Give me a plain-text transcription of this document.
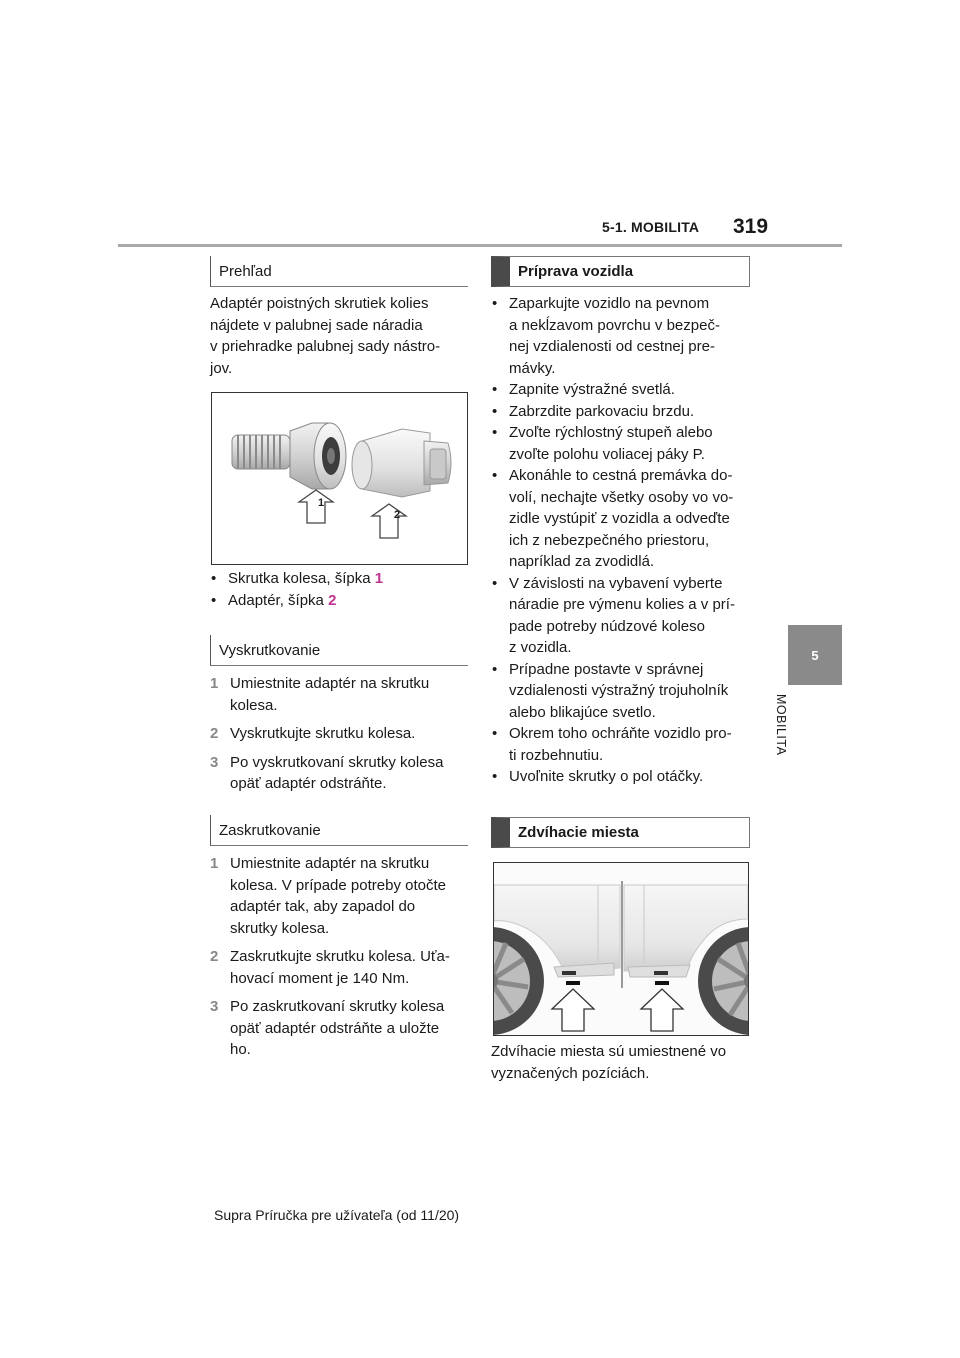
5-1. MOBILITA 319
5
MOBILITA
Prehľad
Adaptér poistných skrutiek kolies
nájdete v palubnej sade náradia
v priehradke palubnej sady nástro-
jov.
1
2
• Skrutka kolesa, šípka 1
• Adaptér, šípka 2
Vyskrutkovanie
1 Umiestnite adaptér na skrutku
kolesa.
2 Vyskrutkujte skrutku kolesa.
3 Po vyskrutkovaní skrutky kolesa
opäť adaptér odstráňte.
Zaskrutkovanie
1 Umiestnite adaptér na skrutku
kolesa. V prípade potreby otočte
adaptér tak, aby zapadol do
skrutky kolesa.
2 Zaskrutkujte skrutku kolesa. Uťa-
hovací moment je 140 Nm.
3 Po zaskrutkovaní skrutky kolesa
opäť adaptér odstráňte a uložte
ho.
Príprava vozidla
• Zaparkujte vozidlo na pevnom
a nekĺzavom povrchu v bezpeč-
nej vzdialenosti od cestnej pre-
mávky.
• Zapnite výstražné svetlá.
• Zabrzdite parkovaciu brzdu.
• Zvoľte rýchlostný stupeň alebo
zvoľte polohu voliacej páky P.
• Akonáhle to cestná premávka do-
volí, nechajte všetky osoby vo vo-
zidle vystúpiť z vozidla a odveďte
ich z nebezpečného priestoru,
napríklad za zvodidlá.
• V závislosti na vybavení vyberte
náradie pre výmenu kolies a v prí-
pade potreby núdzové koleso
z vozidla.
• Prípadne postavte v správnej
vzdialenosti výstražný trojuholník
alebo blikajúce svetlo.
• Okrem toho ochráňte vozidlo pro-
ti rozbehnutiu.
• Uvoľnite skrutky o pol otáčky.
Zdvíhacie miesta
Zdvíhacie miesta sú umiestnené vo
vyznačených pozíciách.
Supra Príručka pre užívateľa (od 11/20)
